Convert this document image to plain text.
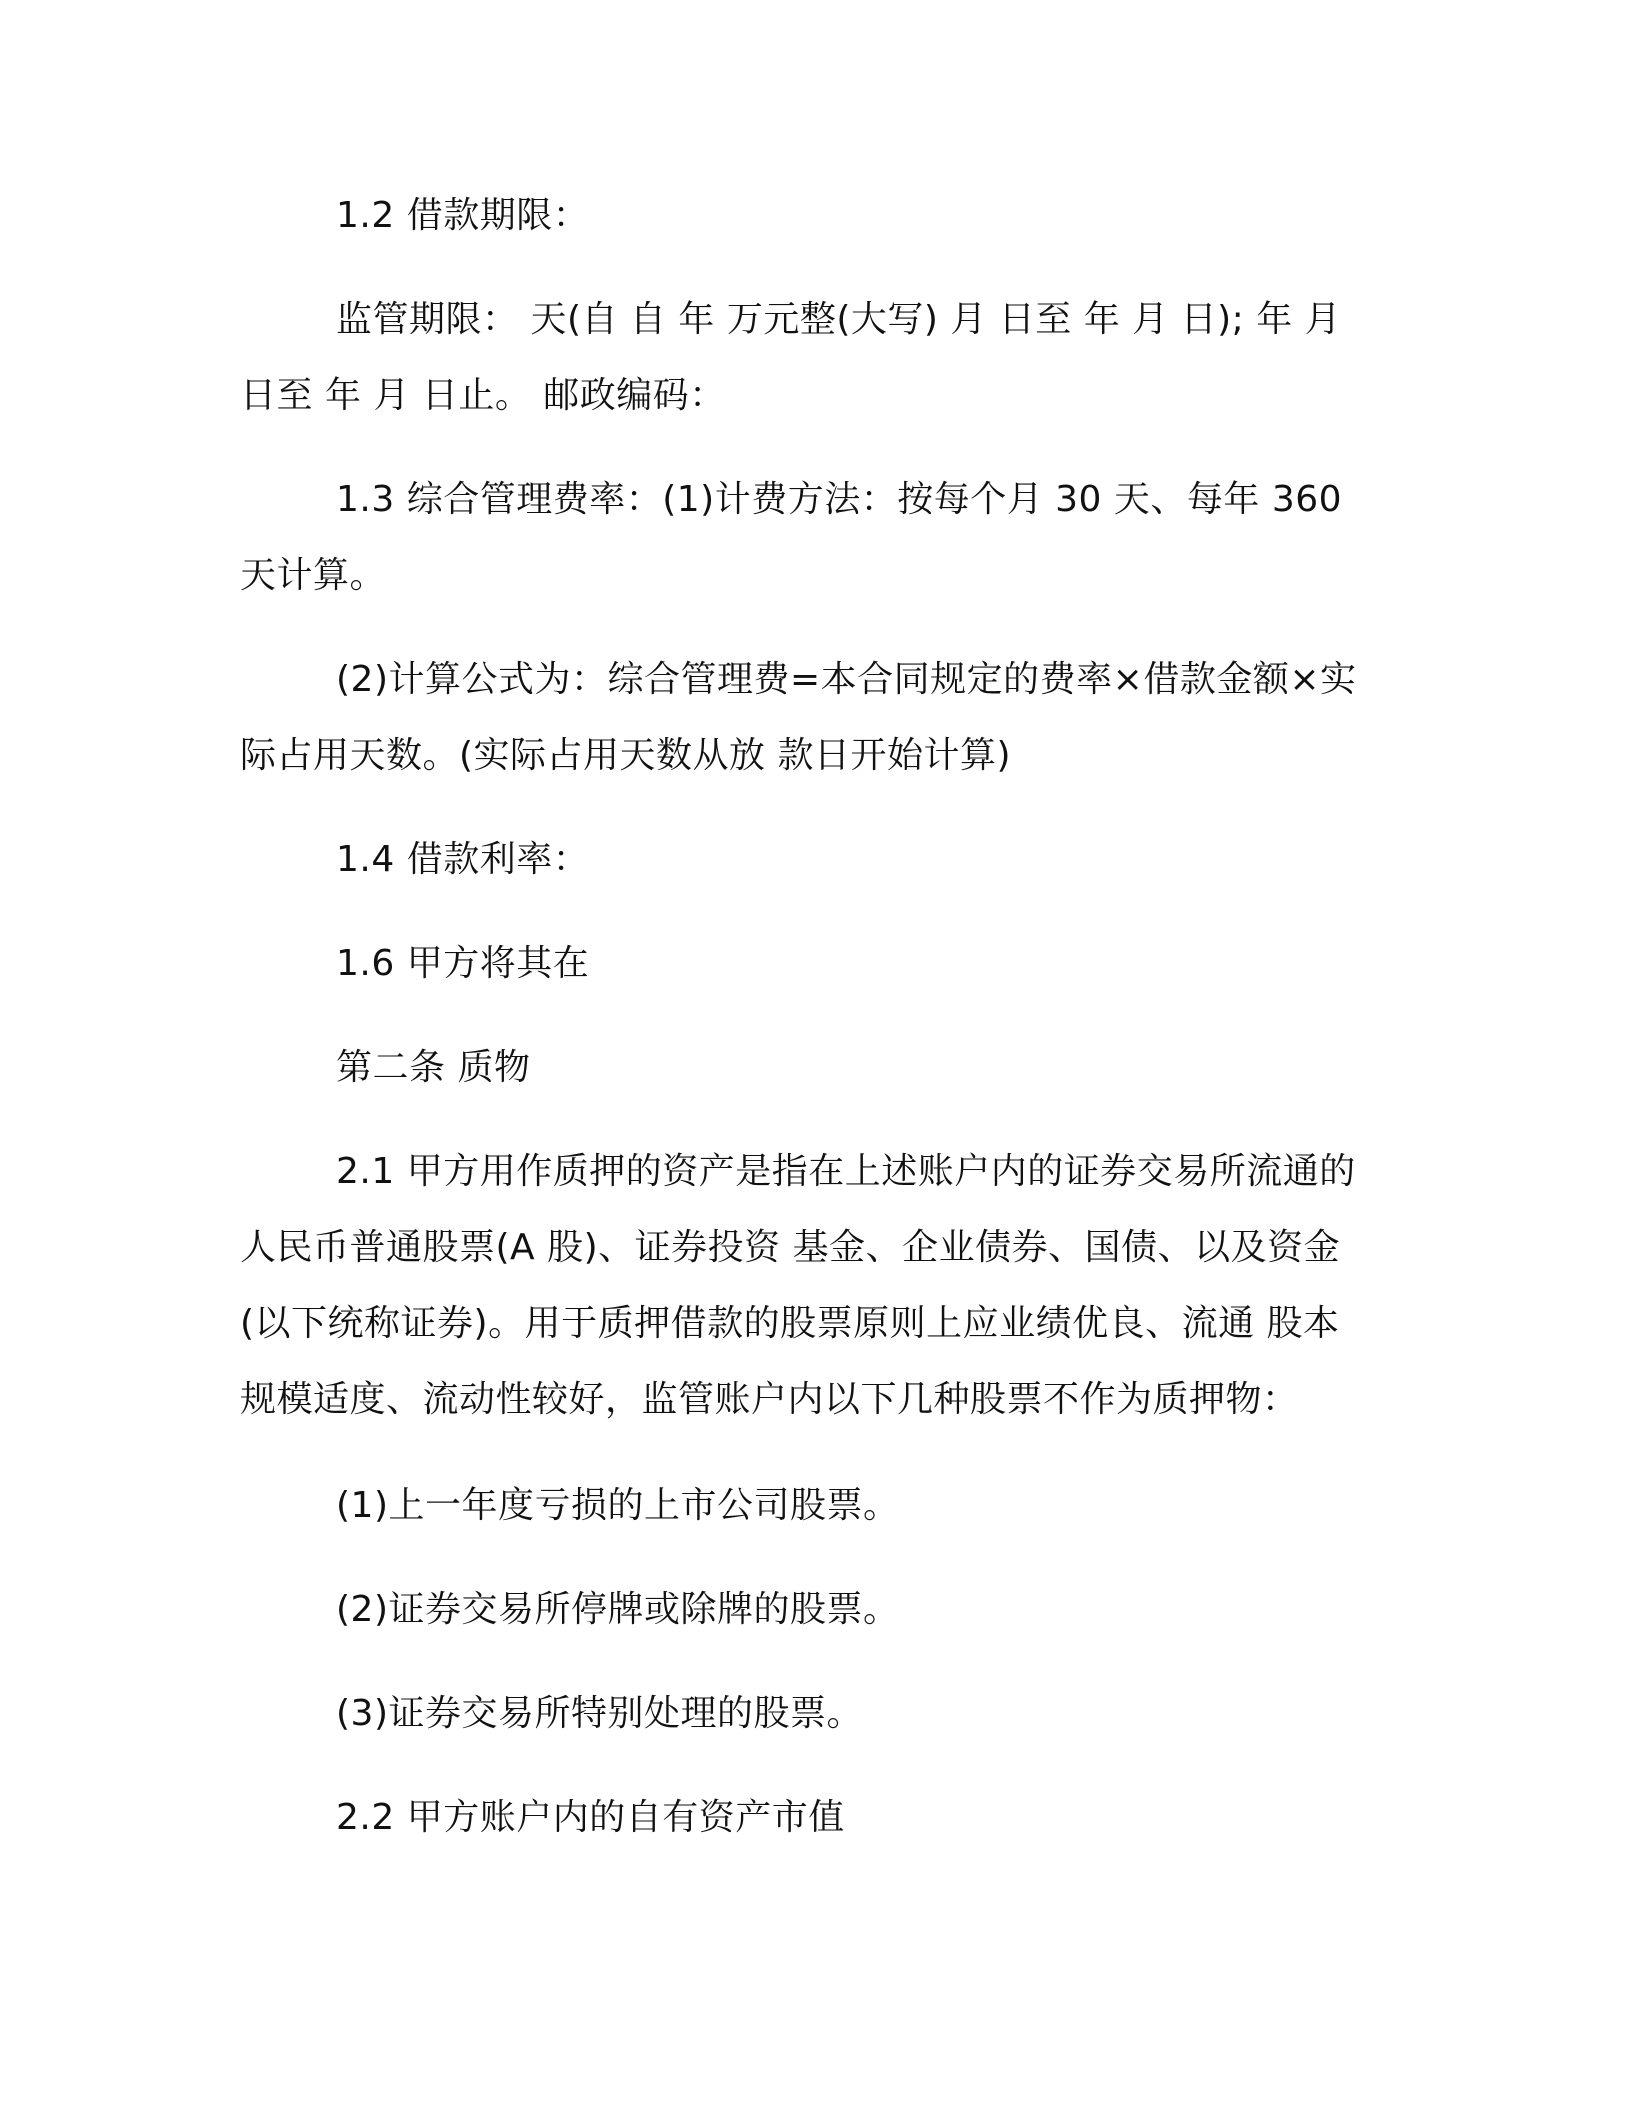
1.2 借款期限：

监管期限： 天(自 自 年 万元整(大写) 月 日至 年 月 日); 年 月 日至 年 月 日止。 邮政编码：

1.3 综合管理费率：(1)计费方法：按每个月 30 天、每年 360 天计算。

(2)计算公式为：综合管理费=本合同规定的费率×借款金额×实际占用天数。(实际占用天数从放 款日开始计算)

1.4 借款利率：

1.6 甲方将其在

第二条 质物

2.1 甲方用作质押的资产是指在上述账户内的证券交易所流通的人民币普通股票(A 股)、证券投资 基金、企业债券、国债、以及资金(以下统称证券)。用于质押借款的股票原则上应业绩优良、流通 股本规模适度、流动性较好，监管账户内以下几种股票不作为质押物：

(1)上一年度亏损的上市公司股票。

(2)证券交易所停牌或除牌的股票。

(3)证券交易所特别处理的股票。

2.2 甲方账户内的自有资产市值
